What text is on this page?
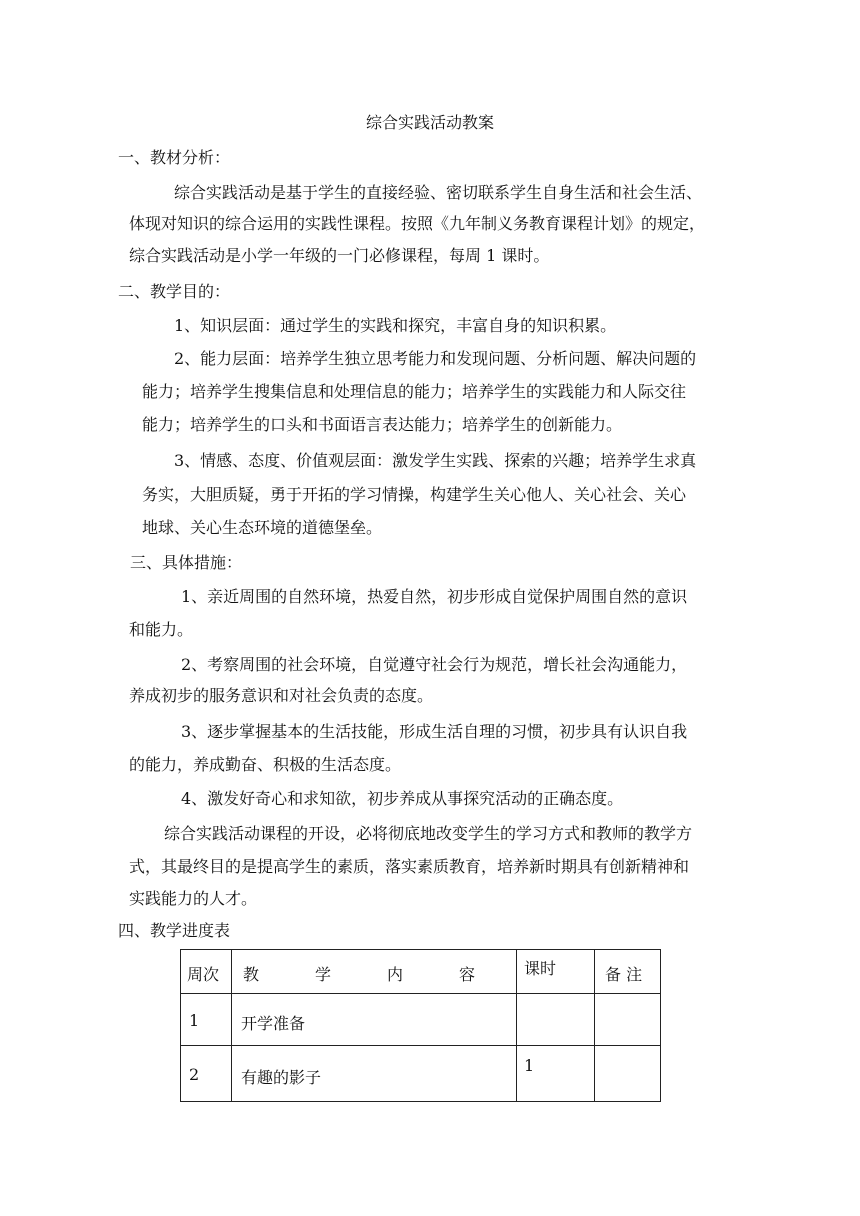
综合实践活动教案
一、教材分析：
综合实践活动是基于学生的直接经验、密切联系学生自身生活和社会生活、
体现对知识的综合运用的实践性课程。按照《九年制义务教育课程计划》的规定，
综合实践活动是小学一年级的一门必修课程，每周 1 课时。
二、教学目的：
1、知识层面：通过学生的实践和探究，丰富自身的知识积累。
2、能力层面：培养学生独立思考能力和发现问题、分析问题、解决问题的
能力；培养学生搜集信息和处理信息的能力；培养学生的实践能力和人际交往
能力；培养学生的口头和书面语言表达能力；培养学生的创新能力。
3、情感、态度、价值观层面：激发学生实践、探索的兴趣；培养学生求真
务实，大胆质疑，勇于开拓的学习情操，构建学生关心他人、关心社会、关心
地球、关心生态环境的道德堡垒。
三、具体措施：
1、亲近周围的自然环境，热爱自然，初步形成自觉保护周围自然的意识
和能力。
2、考察周围的社会环境，自觉遵守社会行为规范，增长社会沟通能力，
养成初步的服务意识和对社会负责的态度。
3、逐步掌握基本的生活技能，形成生活自理的习惯，初步具有认识自我
的能力，养成勤奋、积极的生活态度。
4、激发好奇心和求知欲，初步养成从事探究活动的正确态度。
综合实践活动课程的开设，必将彻底地改变学生的学习方式和教师的教学方
式，其最终目的是提高学生的素质，落实素质教育，培养新时期具有创新精神和
实践能力的人才。
四、教学进度表
周次	教 学 内 容	课时	备 注

1	开学准备		

2	有趣的影子	1	
